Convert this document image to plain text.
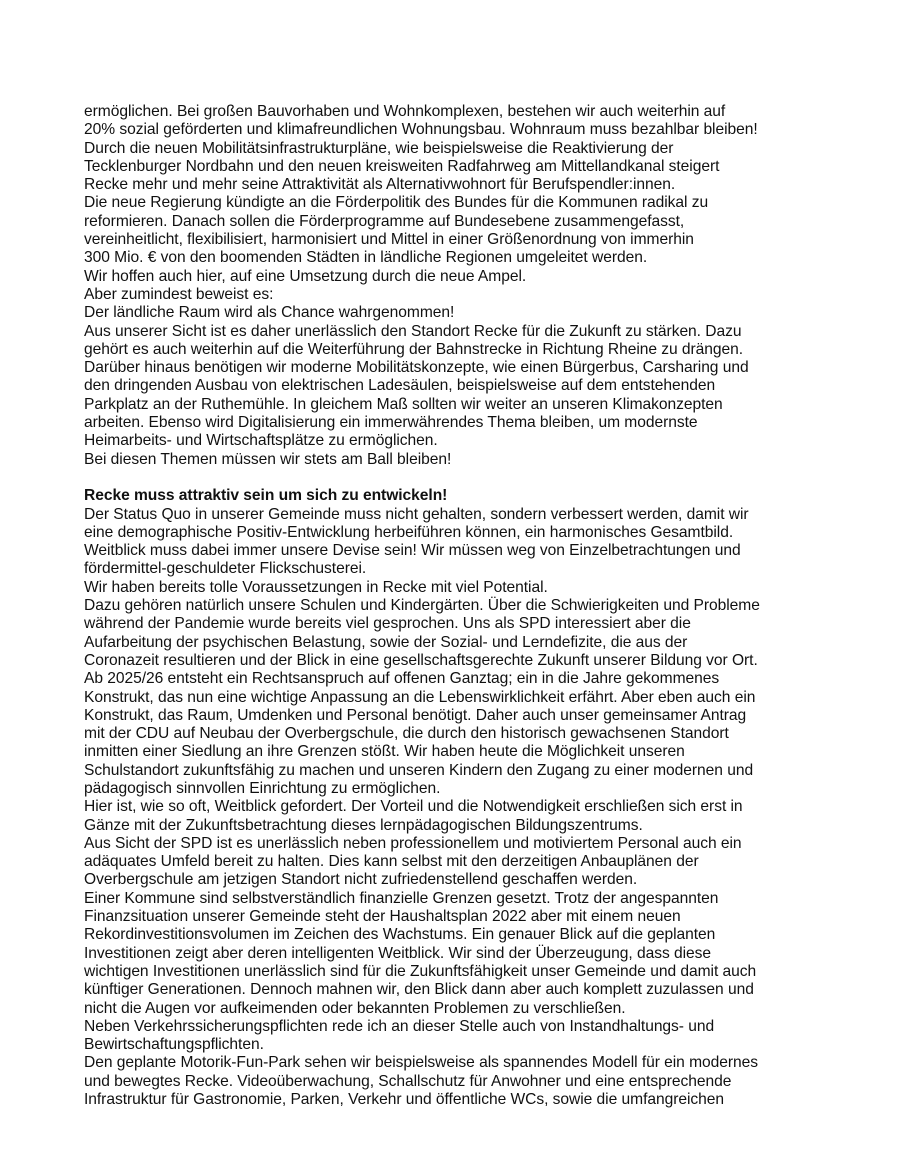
ermöglichen. Bei großen Bauvorhaben und Wohnkomplexen, bestehen wir auch weiterhin auf
20% sozial geförderten und klimafreundlichen Wohnungsbau. Wohnraum muss bezahlbar bleiben!
Durch die neuen Mobilitätsinfrastrukturpläne, wie beispielsweise die Reaktivierung der
Tecklenburger Nordbahn und den neuen kreisweiten Radfahrweg am Mittellandkanal steigert
Recke mehr und mehr seine Attraktivität als Alternativwohnort für Berufspendler:innen.
Die neue Regierung kündigte an die Förderpolitik des Bundes für die Kommunen radikal zu
reformieren. Danach sollen die Förderprogramme auf Bundesebene zusammengefasst,
vereinheitlicht, flexibilisiert, harmonisiert und Mittel in einer Größenordnung von immerhin
300 Mio. € von den boomenden Städten in ländliche Regionen umgeleitet werden.
Wir hoffen auch hier, auf eine Umsetzung durch die neue Ampel.
Aber zumindest beweist es:
Der ländliche Raum wird als Chance wahrgenommen!
Aus unserer Sicht ist es daher unerlässlich den Standort Recke für die Zukunft zu stärken. Dazu
gehört es auch weiterhin auf die Weiterführung der Bahnstrecke in Richtung Rheine zu drängen.
Darüber hinaus benötigen wir moderne Mobilitätskonzepte, wie einen Bürgerbus, Carsharing und
den dringenden Ausbau von elektrischen Ladesäulen, beispielsweise auf dem entstehenden
Parkplatz an der Ruthemühle. In gleichem Maß sollten wir weiter an unseren Klimakonzepten
arbeiten. Ebenso wird Digitalisierung ein immerwährendes Thema bleiben, um modernste
Heimarbeits- und Wirtschaftsplätze zu ermöglichen.
Bei diesen Themen müssen wir stets am Ball bleiben!
Recke muss attraktiv sein um sich zu entwickeln!
Der Status Quo in unserer Gemeinde muss nicht gehalten, sondern verbessert werden, damit wir
eine demographische Positiv-Entwicklung herbeiführen können, ein harmonisches Gesamtbild.
Weitblick muss dabei immer unsere Devise sein! Wir müssen weg von Einzelbetrachtungen und
fördermittel-geschuldeter Flickschusterei.
Wir haben bereits tolle Voraussetzungen in Recke mit viel Potential.
Dazu gehören natürlich unsere Schulen und Kindergärten. Über die Schwierigkeiten und Probleme
während der Pandemie wurde bereits viel gesprochen. Uns als SPD interessiert aber die
Aufarbeitung der psychischen Belastung, sowie der Sozial- und Lerndefizite, die aus der
Coronazeit resultieren und der Blick in eine gesellschaftsgerechte Zukunft unserer Bildung vor Ort.
Ab 2025/26 entsteht ein Rechtsanspruch auf offenen Ganztag; ein in die Jahre gekommenes
Konstrukt, das nun eine wichtige Anpassung an die Lebenswirklichkeit erfährt. Aber eben auch ein
Konstrukt, das Raum, Umdenken und Personal benötigt. Daher auch unser gemeinsamer Antrag
mit der CDU auf Neubau der Overbergschule, die durch den historisch gewachsenen Standort
inmitten einer Siedlung an ihre Grenzen stößt. Wir haben heute die Möglichkeit unseren
Schulstandort zukunftsfähig zu machen und unseren Kindern den Zugang zu einer modernen und
pädagogisch sinnvollen Einrichtung zu ermöglichen.
Hier ist, wie so oft, Weitblick gefordert. Der Vorteil und die Notwendigkeit erschließen sich erst in
Gänze mit der Zukunftsbetrachtung dieses lernpädagogischen Bildungszentrums.
Aus Sicht der SPD ist es unerlässlich neben professionellem und motiviertem Personal auch ein
adäquates Umfeld bereit zu halten. Dies kann selbst mit den derzeitigen Anbauplänen der
Overbergschule am jetzigen Standort nicht zufriedenstellend geschaffen werden.
Einer Kommune sind selbstverständlich finanzielle Grenzen gesetzt. Trotz der angespannten
Finanzsituation unserer Gemeinde steht der Haushaltsplan 2022 aber mit einem neuen
Rekordinvestitionsvolumen im Zeichen des Wachstums. Ein genauer Blick auf die geplanten
Investitionen zeigt aber deren intelligenten Weitblick. Wir sind der Überzeugung, dass diese
wichtigen Investitionen unerlässlich sind für die Zukunftsfähigkeit unser Gemeinde und damit auch
künftiger Generationen. Dennoch mahnen wir, den Blick dann aber auch komplett zuzulassen und
nicht die Augen vor aufkeimenden oder bekannten Problemen zu verschließen.
Neben Verkehrssicherungspflichten rede ich an dieser Stelle auch von Instandhaltungs- und
Bewirtschaftungspflichten.
Den geplante Motorik-Fun-Park sehen wir beispielsweise als spannendes Modell für ein modernes
und bewegtes Recke. Videoüberwachung, Schallschutz für Anwohner und eine entsprechende
Infrastruktur für Gastronomie, Parken, Verkehr und öffentliche WCs, sowie die umfangreichen
